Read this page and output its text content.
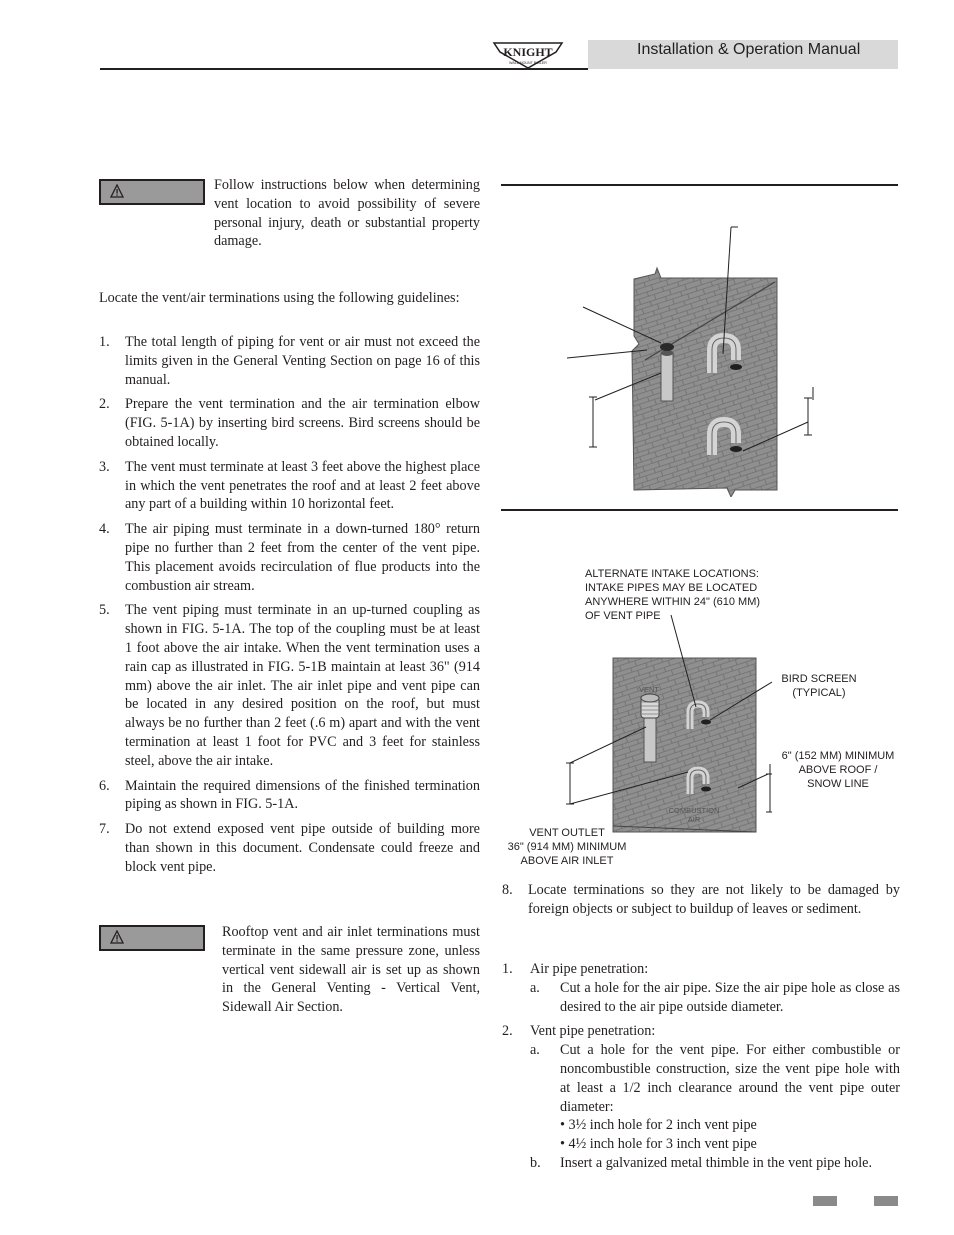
KNIGHT
WALL MOUNT BOILER
Installation & Operation Manual

Follow instructions below when determining vent location to avoid possibility of severe personal injury, death or substantial property damage.

Locate the vent/air terminations using the following guidelines:

1. The total length of piping for vent or air must not exceed the limits given in the General Venting Section on page 16 of this manual.
2. Prepare the vent termination and the air termination elbow (FIG. 5-1A) by inserting bird screens. Bird screens should be obtained locally.
3. The vent must terminate at least 3 feet above the highest place in which the vent penetrates the roof and at least 2 feet above any part of a building within 10 horizontal feet.
4. The air piping must terminate in a down-turned 180° return pipe no further than 2 feet from the center of the vent pipe. This placement avoids recirculation of flue products into the combustion air stream.
5. The vent piping must terminate in an up-turned coupling as shown in FIG. 5-1A. The top of the coupling must be at least 1 foot above the air intake. When the vent termination uses a rain cap as illustrated in FIG. 5-1B maintain at least 36" (914 mm) above the air inlet. The air inlet pipe and vent pipe can be located in any desired position on the roof, but must always be no further than 2 feet (.6 m) apart and with the vent termination at least 1 foot for PVC and 3 feet for stainless steel, above the air intake.
6. Maintain the required dimensions of the finished termination piping as shown in FIG. 5-1A.
7. Do not extend exposed vent pipe outside of building more than shown in this document. Condensate could freeze and block vent pipe.

Rooftop vent and air inlet terminations must terminate in the same pressure zone, unless vertical vent sidewall air is set up as shown in the General Venting - Vertical Vent, Sidewall Air Section.

ALTERNATE INTAKE LOCATIONS:
INTAKE PIPES MAY BE LOCATED
ANYWHERE WITHIN 24" (610 MM)
OF VENT PIPE
BIRD SCREEN
(TYPICAL)
6" (152 MM) MINIMUM
ABOVE ROOF /
SNOW LINE
VENT OUTLET
36" (914 MM) MINIMUM
ABOVE AIR INLET
VENT
COMBUSTION
AIR
8. Locate terminations so they are not likely to be damaged by foreign objects or subject to buildup of leaves or sediment.
1. Air pipe penetration:
a. Cut a hole for the air pipe. Size the air pipe hole as close as desired to the air pipe outside diameter.
2. Vent pipe penetration:
a. Cut a hole for the vent pipe. For either combustible or noncombustible construction, size the vent pipe hole with at least a 1/2 inch clearance around the vent pipe outer diameter:
• 3½ inch hole for 2 inch vent pipe
• 4½ inch hole for 3 inch vent pipe
b. Insert a galvanized metal thimble in the vent pipe hole.
